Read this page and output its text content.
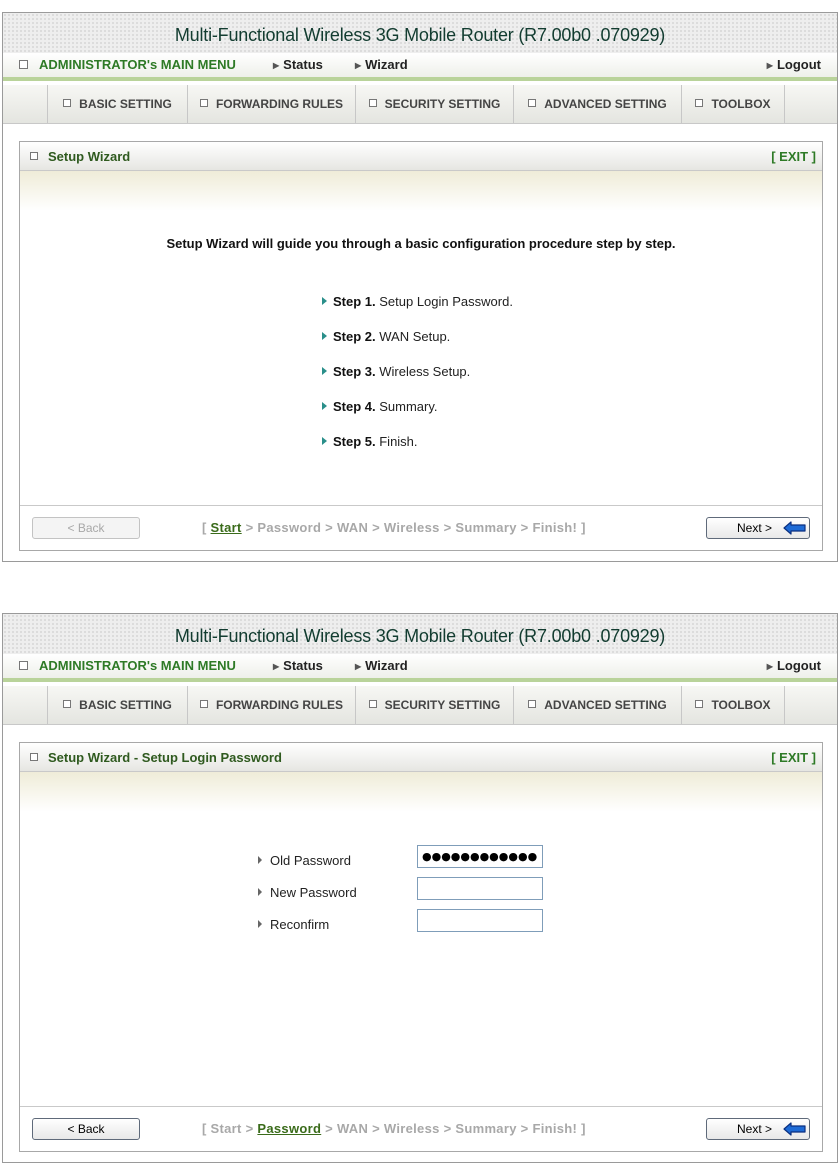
Multi-Functional Wireless 3G Mobile Router (R7.00b0 .070929)
ADMINISTRATOR's MAIN MENU	▶ Status	▶ Wizard	▶ Logout
BASIC SETTING	FORWARDING RULES	SECURITY SETTING	ADVANCED SETTING	TOOLBOX
Setup Wizard	[ EXIT ]
Setup Wizard will guide you through a basic configuration procedure step by step.
Step 1. Setup Login Password.
Step 2. WAN Setup.
Step 3. Wireless Setup.
Step 4. Summary.
Step 5. Finish.
< Back	[ Start > Password > WAN > Wireless > Summary > Finish! ]	Next >
Multi-Functional Wireless 3G Mobile Router (R7.00b0 .070929)
ADMINISTRATOR's MAIN MENU	▶ Status	▶ Wizard	▶ Logout
BASIC SETTING	FORWARDING RULES	SECURITY SETTING	ADVANCED SETTING	TOOLBOX
Setup Wizard - Setup Login Password	[ EXIT ]
Old Password	●●●●●●●●●●●●
New Password
Reconfirm
< Back	[ Start > Password > WAN > Wireless > Summary > Finish! ]	Next >
